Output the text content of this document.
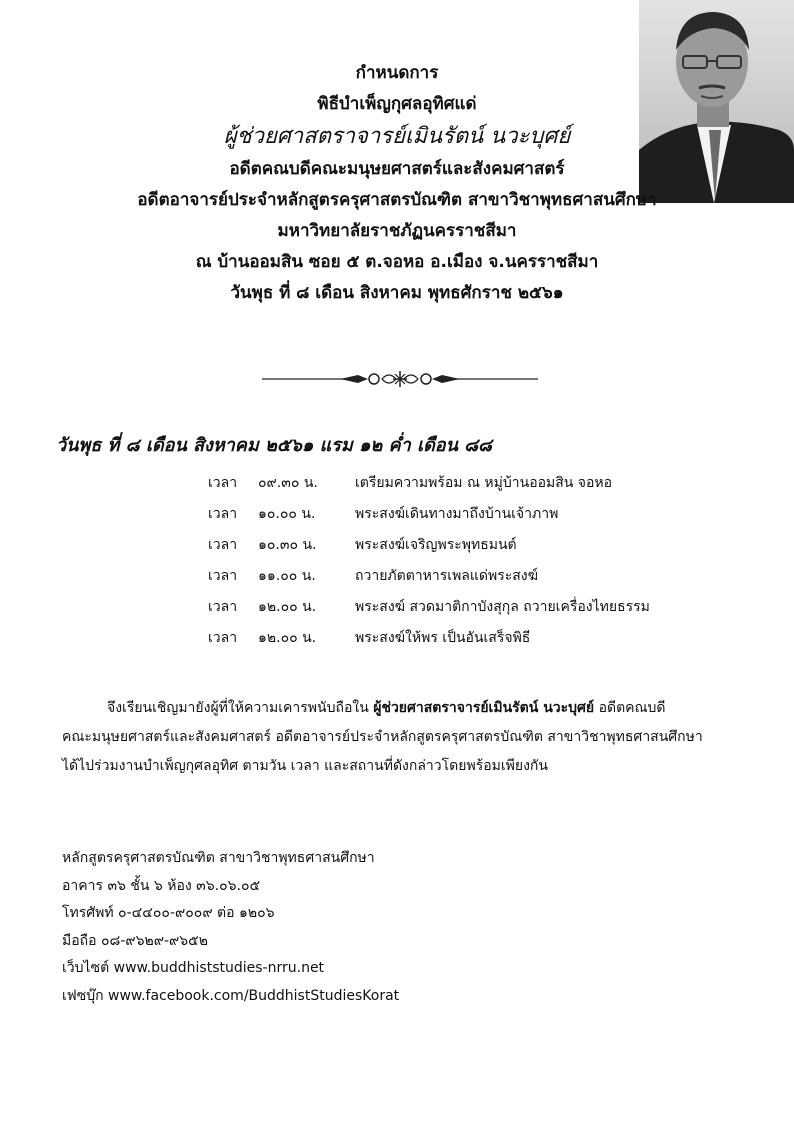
กำหนดการ
พิธีบำเพ็ญกุศลอุทิศแด่
ผู้ช่วยศาสตราจารย์เมินรัตน์ นวะบุศย์
อดีตคณบดีคณะมนุษยศาสตร์และสังคมศาสตร์
อดีตอาจารย์ประจำหลักสูตรครุศาสตรบัณฑิต สาขาวิชาพุทธศาสนศึกษา
มหาวิทยาลัยราชภัฏนครราชสีมา
ณ บ้านออมสิน ซอย ๕ ต.จอหอ อ.เมือง จ.นครราชสีมา
วันพุธ ที่ ๘ เดือน สิงหาคม พุทธศักราช ๒๕๖๑
วันพุธ ที่ ๘ เดือน สิงหาคม ๒๕๖๑ แรม ๑๒ ค่ำ เดือน ๘๘
เวลา ๐๙.๓๐ น.	เตรียมความพร้อม ณ หมู่บ้านออมสิน จอหอ
เวลา ๑๐.๐๐ น.	พระสงฆ์เดินทางมาถึงบ้านเจ้าภาพ
เวลา ๑๐.๓๐ น.	พระสงฆ์เจริญพระพุทธมนต์
เวลา ๑๑.๐๐ น.	ถวายภัตตาหารเพลแด่พระสงฆ์
เวลา ๑๒.๐๐ น.	พระสงฆ์ สวดมาติกาบังสุกุล ถวายเครื่องไทยธรรม
เวลา ๑๒.๐๐ น.	พระสงฆ์ให้พร เป็นอันเสร็จพิธี
จึงเรียนเชิญมายังผู้ที่ให้ความเคารพนับถือใน ผู้ช่วยศาสตราจารย์เมินรัตน์ นวะบุศย์ อดีตคณบดี
คณะมนุษยศาสตร์และสังคมศาสตร์ อดีตอาจารย์ประจำหลักสูตรครุศาสตรบัณฑิต สาขาวิชาพุทธศาสนศึกษา
ได้ไปร่วมงานบำเพ็ญกุศลอุทิศ ตามวัน เวลา และสถานที่ดังกล่าวโดยพร้อมเพียงกัน
หลักสูตรครุศาสตรบัณฑิต สาขาวิชาพุทธศาสนศึกษา
อาคาร ๓๖ ชั้น ๖ ห้อง ๓๖.๐๖.๐๕
โทรศัพท์ ๐-๔๔๐๐-๙๐๐๙ ต่อ ๑๒๐๖
มือถือ ๐๘-๙๖๒๙-๙๖๕๒
เว็บไซต์ www.buddhiststudies-nrru.net
เฟซบุ๊ก www.facebook.com/BuddhistStudiesKorat
